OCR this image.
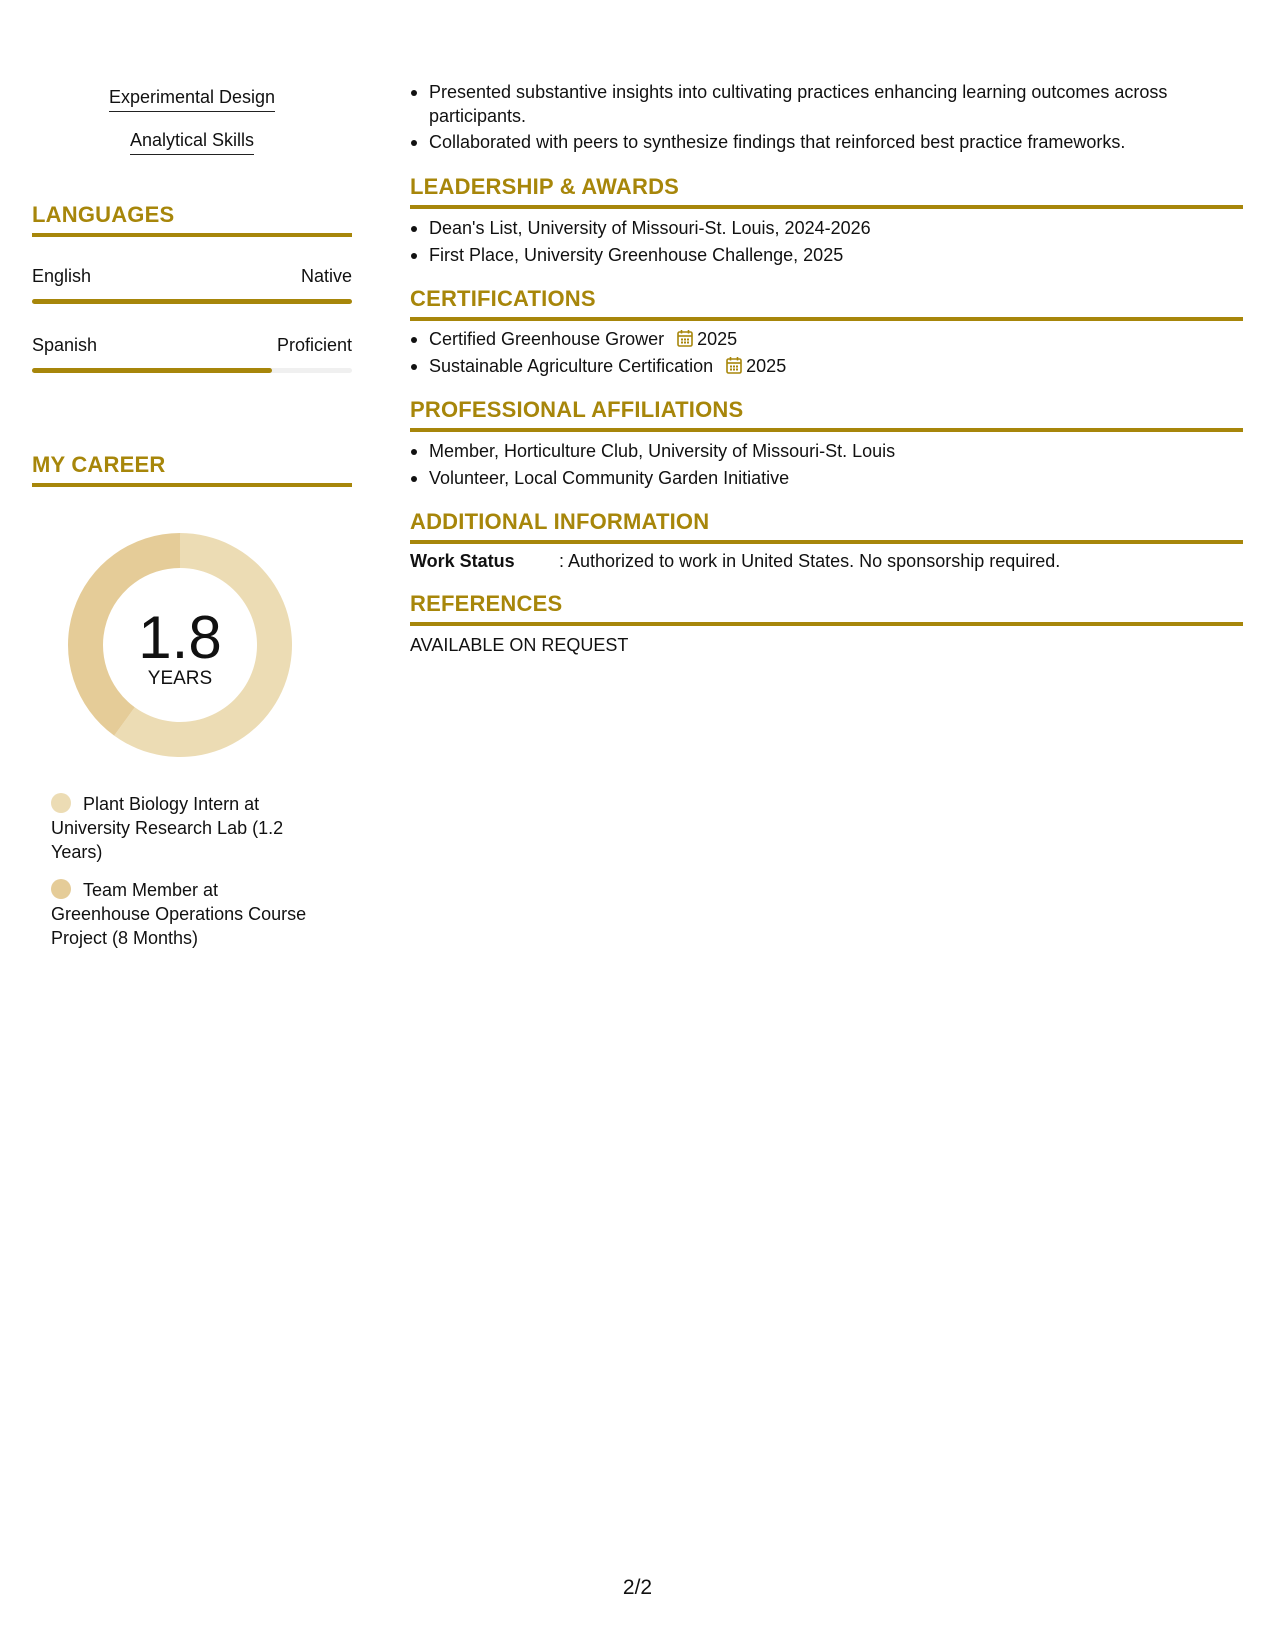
Experimental Design
Analytical Skills
LANGUAGES
English	Native
Spanish	Proficient
MY CAREER
1.8
YEARS
Plant Biology Intern at University Research Lab (1.2 Years)
Team Member at Greenhouse Operations Course Project (8 Months)
Presented substantive insights into cultivating practices enhancing learning outcomes across participants.
Collaborated with peers to synthesize findings that reinforced best practice frameworks.
LEADERSHIP & AWARDS
Dean's List, University of Missouri-St. Louis, 2024-2026
First Place, University Greenhouse Challenge, 2025
CERTIFICATIONS
Certified Greenhouse Grower 2025
Sustainable Agriculture Certification 2025
PROFESSIONAL AFFILIATIONS
Member, Horticulture Club, University of Missouri-St. Louis
Volunteer, Local Community Garden Initiative
ADDITIONAL INFORMATION
Work Status : Authorized to work in United States. No sponsorship required.
REFERENCES
AVAILABLE ON REQUEST
2/2
